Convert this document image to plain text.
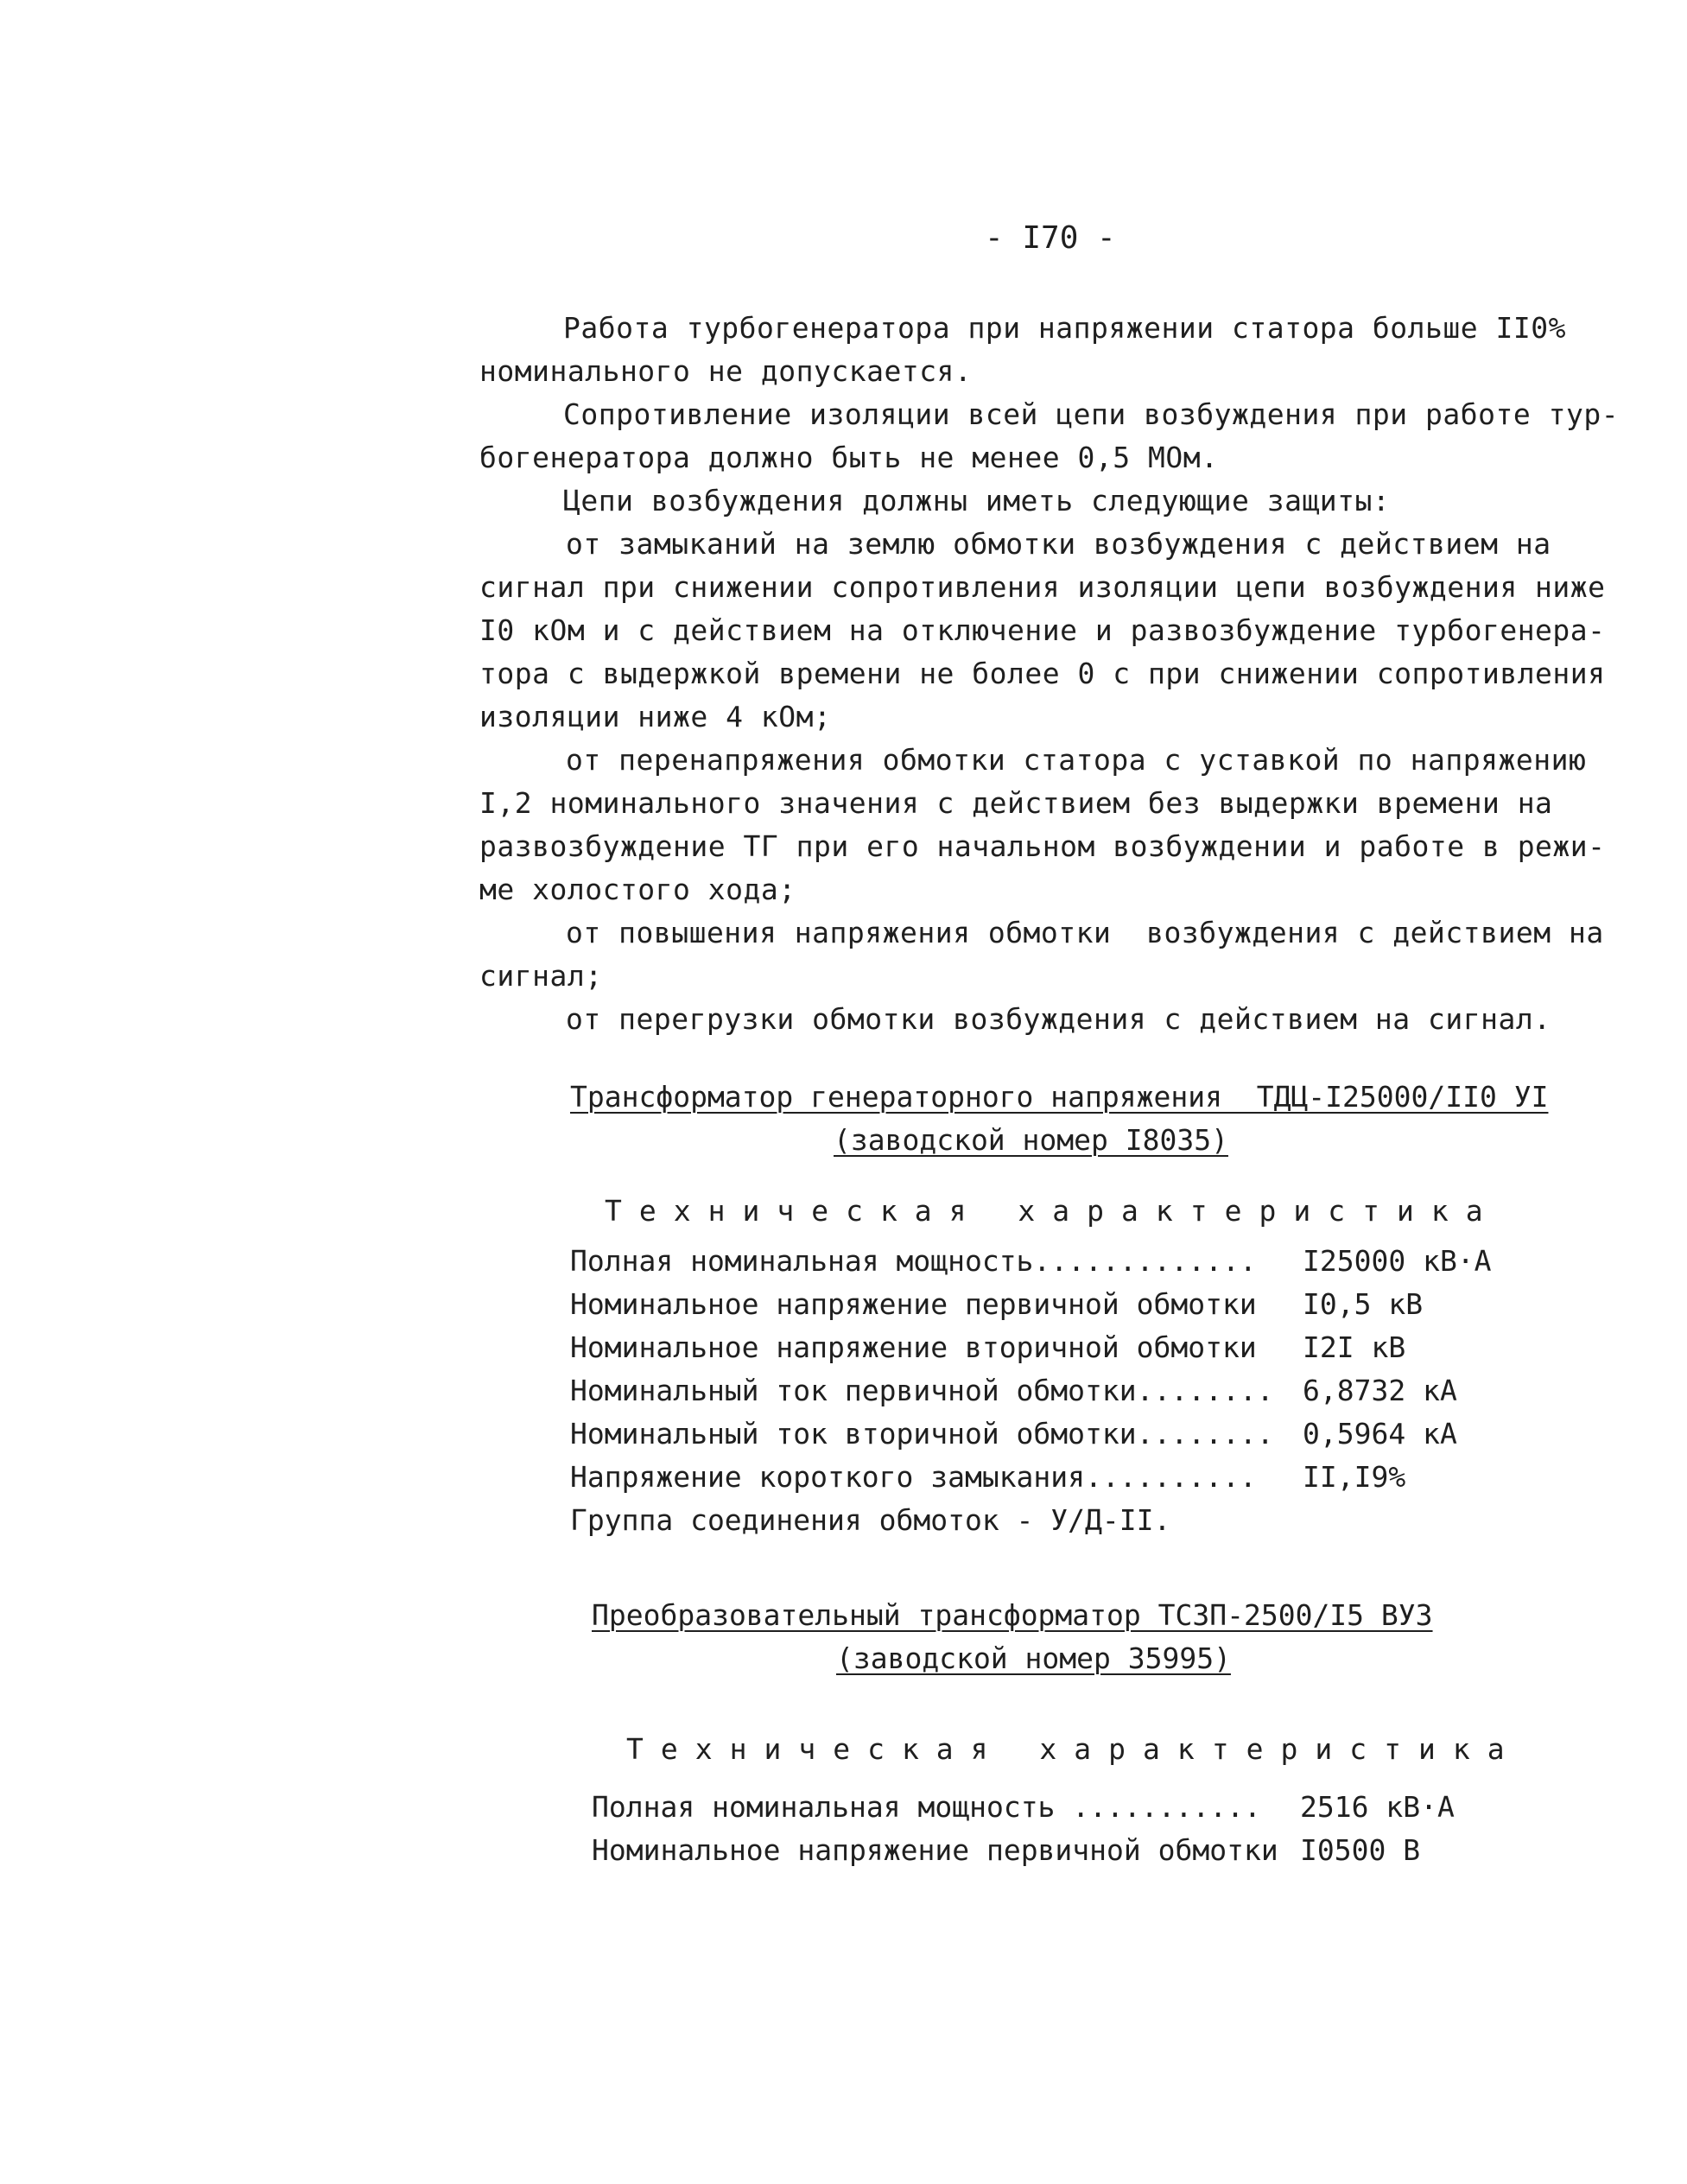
- I70 -
Работа турбогенератора при напряжении статора больше II0%
номинального не допускается.
Сопротивление изоляции всей цепи возбуждения при работе тур-
богенератора должно быть не менее 0,5 МОм.
Цепи возбуждения должны иметь следующие защиты:
от замыканий на землю обмотки возбуждения с действием на
сигнал при снижении сопротивления изоляции цепи возбуждения ниже
I0 кОм и с действием на отключение и развозбуждение турбогенера-
тора с выдержкой времени не более 0 с при снижении сопротивления
изоляции ниже 4 кОм;
от перенапряжения обмотки статора с уставкой по напряжению
I,2 номинального значения с действием без выдержки времени на
развозбуждение ТГ при его начальном возбуждении и работе в режи-
ме холостого хода;
от повышения напряжения обмотки  возбуждения с действием на
сигнал;
от перегрузки обмотки возбуждения с действием на сигнал.
Трансформатор генераторного напряжения  ТДЦ-I25000/II0 УI
(заводской номер I8035)
Техническая характеристика
Полная номинальная мощность............. I25000 кВ·А
Номинальное напряжение первичной обмотки I0,5 кВ
Номинальное напряжение вторичной обмотки I2I кВ
Номинальный ток первичной обмотки........ 6,8732 кА
Номинальный ток вторичной обмотки........ 0,5964 кА
Напряжение короткого замыкания.......... II,I9%
Группа соединения обмоток - У/Д-II.
Преобразовательный трансформатор ТСЗП-2500/I5 ВУЗ
(заводской номер 35995)
Техническая характеристика
Полная номинальная мощность ........... 2516 кВ·А
Номинальное напряжение первичной обмотки I0500 В
